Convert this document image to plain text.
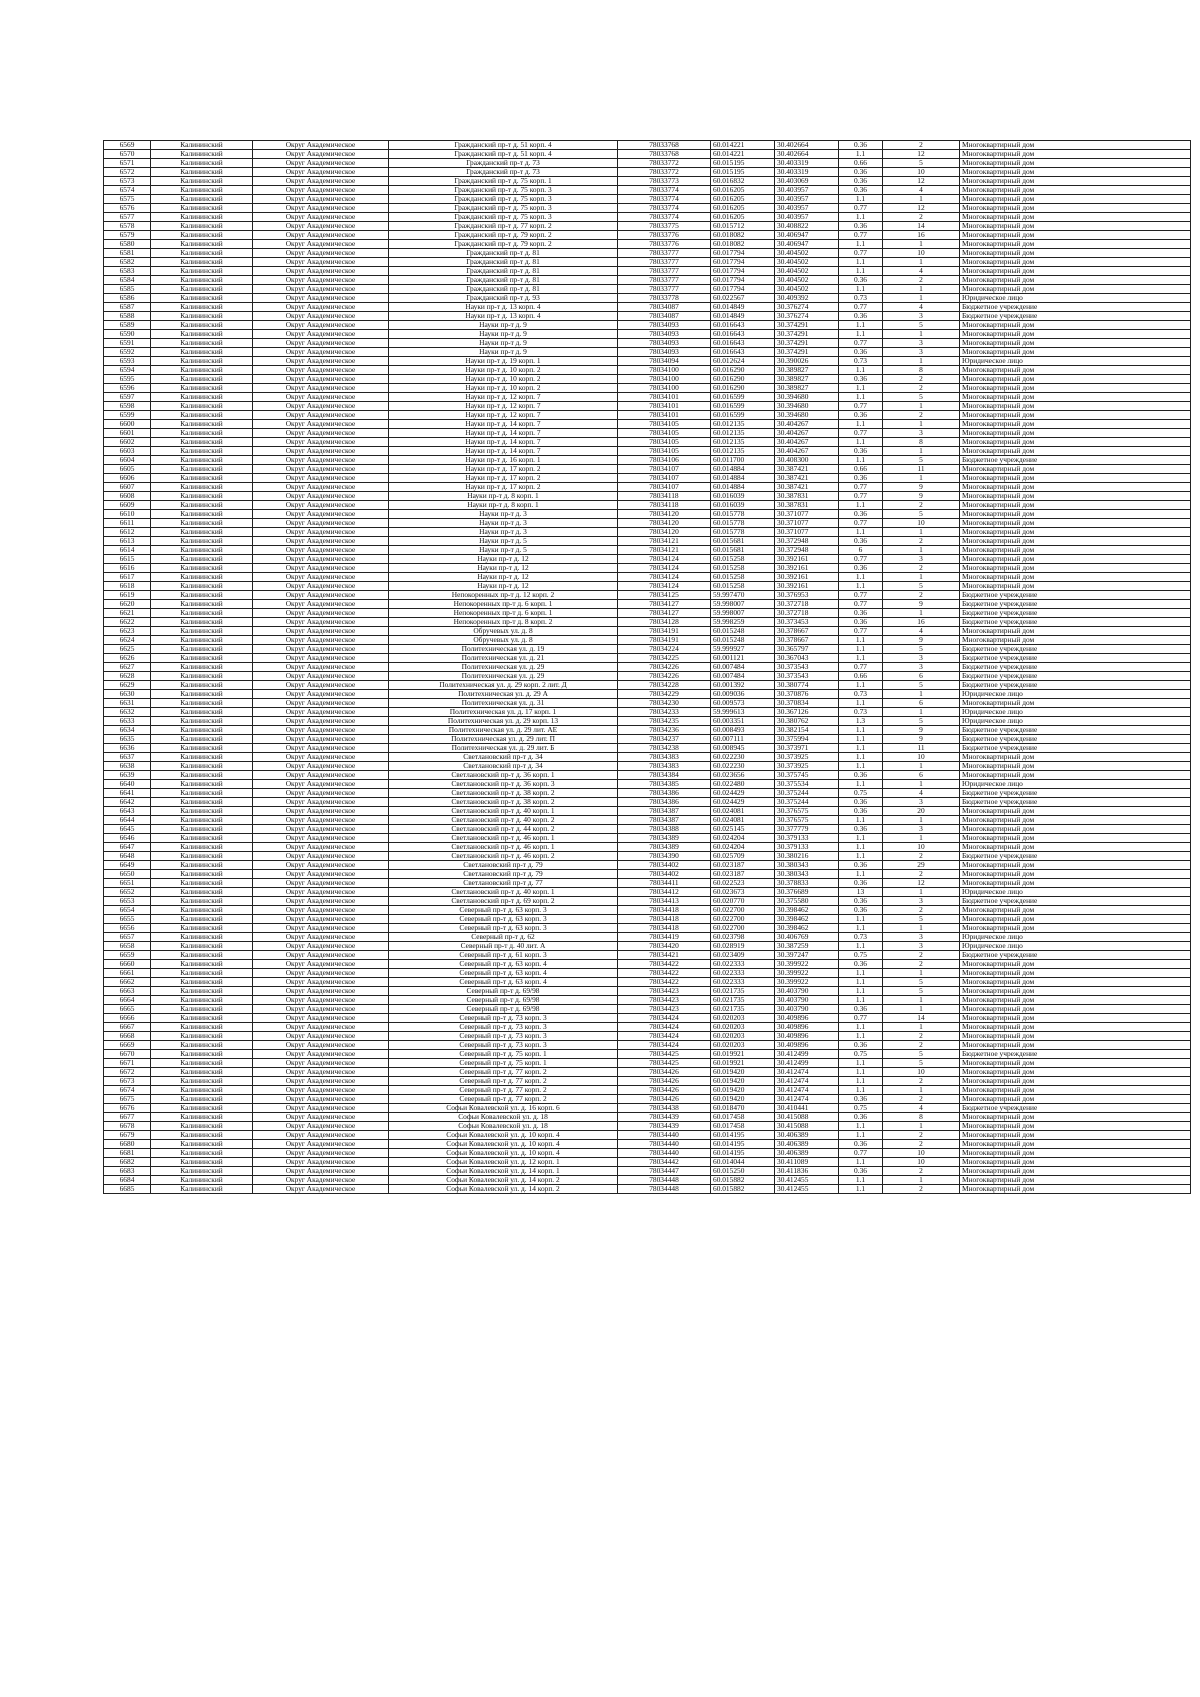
6569	Калининский	Округ Академическое	Гражданский пр-т д. 51 корп. 4	78033768	60.014221	30.402664	0.36	2	Многоквартирный дом
6570	Калининский	Округ Академическое	Гражданский пр-т д. 51 корп. 4	78033768	60.014221	30.402664	1.1	12	Многоквартирный дом
6571	Калининский	Округ Академическое	Гражданский пр-т д. 73	78033772	60.015195	30.403319	0.66	5	Многоквартирный дом
6572	Калининский	Округ Академическое	Гражданский пр-т д. 73	78033772	60.015195	30.403319	0.36	10	Многоквартирный дом
6573	Калининский	Округ Академическое	Гражданский пр-т д. 75 корп. 1	78033773	60.016832	30.403069	0.36	12	Многоквартирный дом
6574	Калининский	Округ Академическое	Гражданский пр-т д. 75 корп. 3	78033774	60.016205	30.403957	0.36	4	Многоквартирный дом
6575	Калининский	Округ Академическое	Гражданский пр-т д. 75 корп. 3	78033774	60.016205	30.403957	1.1	1	Многоквартирный дом
6576	Калининский	Округ Академическое	Гражданский пр-т д. 75 корп. 3	78033774	60.016205	30.403957	0.77	12	Многоквартирный дом
6577	Калининский	Округ Академическое	Гражданский пр-т д. 75 корп. 3	78033774	60.016205	30.403957	1.1	2	Многоквартирный дом
6578	Калининский	Округ Академическое	Гражданский пр-т д. 77 корп. 2	78033775	60.015712	30.408822	0.36	14	Многоквартирный дом
6579	Калининский	Округ Академическое	Гражданский пр-т д. 79 корп. 2	78033776	60.018082	30.406947	0.77	16	Многоквартирный дом
6580	Калининский	Округ Академическое	Гражданский пр-т д. 79 корп. 2	78033776	60.018082	30.406947	1.1	1	Многоквартирный дом
6581	Калининский	Округ Академическое	Гражданский пр-т д. 81	78033777	60.017794	30.404502	0.77	10	Многоквартирный дом
6582	Калининский	Округ Академическое	Гражданский пр-т д. 81	78033777	60.017794	30.404502	1.1	1	Многоквартирный дом
6583	Калининский	Округ Академическое	Гражданский пр-т д. 81	78033777	60.017794	30.404502	1.1	4	Многоквартирный дом
6584	Калининский	Округ Академическое	Гражданский пр-т д. 81	78033777	60.017794	30.404502	0.36	2	Многоквартирный дом
6585	Калининский	Округ Академическое	Гражданский пр-т д. 81	78033777	60.017794	30.404502	1.1	1	Многоквартирный дом
6586	Калининский	Округ Академическое	Гражданский пр-т д. 93	78033778	60.022567	30.409392	0.73	1	Юридическое лицо
6587	Калининский	Округ Академическое	Науки пр-т д. 13 корп. 4	78034087	60.014849	30.376274	0.77	4	Бюджетное учреждение
6588	Калининский	Округ Академическое	Науки пр-т д. 13 корп. 4	78034087	60.014849	30.376274	0.36	3	Бюджетное учреждение
6589	Калининский	Округ Академическое	Науки пр-т д. 9	78034093	60.016643	30.374291	1.1	5	Многоквартирный дом
6590	Калининский	Округ Академическое	Науки пр-т д. 9	78034093	60.016643	30.374291	1.1	1	Многоквартирный дом
6591	Калининский	Округ Академическое	Науки пр-т д. 9	78034093	60.016643	30.374291	0.77	3	Многоквартирный дом
6592	Калининский	Округ Академическое	Науки пр-т д. 9	78034093	60.016643	30.374291	0.36	3	Многоквартирный дом
6593	Калининский	Округ Академическое	Науки пр-т д. 19 корп. 1	78034094	60.012624	30.390026	0.73	1	Юридическое лицо
6594	Калининский	Округ Академическое	Науки пр-т д. 10 корп. 2	78034100	60.016290	30.389827	1.1	8	Многоквартирный дом
6595	Калининский	Округ Академическое	Науки пр-т д. 10 корп. 2	78034100	60.016290	30.389827	0.36	2	Многоквартирный дом
6596	Калининский	Округ Академическое	Науки пр-т д. 10 корп. 2	78034100	60.016290	30.389827	1.1	2	Многоквартирный дом
6597	Калининский	Округ Академическое	Науки пр-т д. 12 корп. 7	78034101	60.016599	30.394680	1.1	5	Многоквартирный дом
6598	Калининский	Округ Академическое	Науки пр-т д. 12 корп. 7	78034101	60.016599	30.394680	0.77	1	Многоквартирный дом
6599	Калининский	Округ Академическое	Науки пр-т д. 12 корп. 7	78034101	60.016599	30.394680	0.36	2	Многоквартирный дом
6600	Калининский	Округ Академическое	Науки пр-т д. 14 корп. 7	78034105	60.012135	30.404267	1.1	1	Многоквартирный дом
6601	Калининский	Округ Академическое	Науки пр-т д. 14 корп. 7	78034105	60.012135	30.404267	0.77	3	Многоквартирный дом
6602	Калининский	Округ Академическое	Науки пр-т д. 14 корп. 7	78034105	60.012135	30.404267	1.1	8	Многоквартирный дом
6603	Калининский	Округ Академическое	Науки пр-т д. 14 корп. 7	78034105	60.012135	30.404267	0.36	1	Многоквартирный дом
6604	Калининский	Округ Академическое	Науки пр-т д. 16 корп. 1	78034106	60.011700	30.408300	1.1	5	Бюджетное учреждение
6605	Калининский	Округ Академическое	Науки пр-т д. 17 корп. 2	78034107	60.014884	30.387421	0.66	11	Многоквартирный дом
6606	Калининский	Округ Академическое	Науки пр-т д. 17 корп. 2	78034107	60.014884	30.387421	0.36	1	Многоквартирный дом
6607	Калининский	Округ Академическое	Науки пр-т д. 17 корп. 2	78034107	60.014884	30.387421	0.77	9	Многоквартирный дом
6608	Калининский	Округ Академическое	Науки пр-т д. 8 корп. 1	78034118	60.016039	30.387831	0.77	9	Многоквартирный дом
6609	Калининский	Округ Академическое	Науки пр-т д. 8 корп. 1	78034118	60.016039	30.387831	1.1	2	Многоквартирный дом
6610	Калининский	Округ Академическое	Науки пр-т д. 3	78034120	60.015778	30.371077	0.36	5	Многоквартирный дом
6611	Калининский	Округ Академическое	Науки пр-т д. 3	78034120	60.015778	30.371077	0.77	10	Многоквартирный дом
6612	Калининский	Округ Академическое	Науки пр-т д. 3	78034120	60.015778	30.371077	1.1	1	Многоквартирный дом
6613	Калининский	Округ Академическое	Науки пр-т д. 5	78034121	60.015681	30.372948	0.36	2	Многоквартирный дом
6614	Калининский	Округ Академическое	Науки пр-т д. 5	78034121	60.015681	30.372948	6	1	Многоквартирный дом
6615	Калининский	Округ Академическое	Науки пр-т д. 12	78034124	60.015258	30.392161	0.77	3	Многоквартирный дом
6616	Калининский	Округ Академическое	Науки пр-т д. 12	78034124	60.015258	30.392161	0.36	2	Многоквартирный дом
6617	Калининский	Округ Академическое	Науки пр-т д. 12	78034124	60.015258	30.392161	1.1	1	Многоквартирный дом
6618	Калининский	Округ Академическое	Науки пр-т д. 12	78034124	60.015258	30.392161	1.1	5	Многоквартирный дом
6619	Калининский	Округ Академическое	Непокоренных пр-т д. 12 корп. 2	78034125	59.997470	30.376953	0.77	2	Бюджетное учреждение
6620	Калининский	Округ Академическое	Непокоренных пр-т д. 6 корп. 1	78034127	59.998007	30.372718	0.77	9	Бюджетное учреждение
6621	Калининский	Округ Академическое	Непокоренных пр-т д. 6 корп. 1	78034127	59.998007	30.372718	0.36	1	Бюджетное учреждение
6622	Калининский	Округ Академическое	Непокоренных пр-т д. 8 корп. 2	78034128	59.998259	30.373453	0.36	16	Бюджетное учреждение
6623	Калининский	Округ Академическое	Обручевых ул. д. 8	78034191	60.015248	30.378667	0.77	4	Многоквартирный дом
6624	Калининский	Округ Академическое	Обручевых ул. д. 8	78034191	60.015248	30.378667	1.1	9	Многоквартирный дом
6625	Калининский	Округ Академическое	Политехническая ул. д. 19	78034224	59.999927	30.365797	1.1	5	Бюджетное учреждение
6626	Калининский	Округ Академическое	Политехническая ул. д. 21	78034225	60.001121	30.367043	1.1	3	Бюджетное учреждение
6627	Калининский	Округ Академическое	Политехническая ул. д. 29	78034226	60.007484	30.373543	0.77	3	Бюджетное учреждение
6628	Калининский	Округ Академическое	Политехническая ул. д. 29	78034226	60.007484	30.373543	0.66	6	Бюджетное учреждение
6629	Калининский	Округ Академическое	Политехническая ул. д. 29 корп. 2 лит. Д	78034228	60.001392	30.380774	1.1	5	Бюджетное учреждение
6630	Калининский	Округ Академическое	Политехническая ул. д. 29 А	78034229	60.009036	30.370876	0.73	1	Юридическое лицо
6631	Калининский	Округ Академическое	Политехническая ул. д. 31	78034230	60.009573	30.370834	1.1	6	Многоквартирный дом
6632	Калининский	Округ Академическое	Политехническая ул. д. 17 корп. 1	78034233	59.999613	30.367126	0.73	1	Юридическое лицо
6633	Калининский	Округ Академическое	Политехническая ул. д. 29 корп. 13	78034235	60.003351	30.380762	1.3	5	Юридическое лицо
6634	Калининский	Округ Академическое	Политехническая ул. д. 29 лит. АЕ	78034236	60.008493	30.382154	1.1	9	Бюджетное учреждение
6635	Калининский	Округ Академическое	Политехническая ул. д. 29 лит. П	78034237	60.007111	30.375994	1.1	9	Бюджетное учреждение
6636	Калининский	Округ Академическое	Политехническая ул. д. 29 лит. Б	78034238	60.008945	30.373971	1.1	11	Бюджетное учреждение
6637	Калининский	Округ Академическое	Светлановский пр-т д. 34	78034383	60.022230	30.373925	1.1	10	Многоквартирный дом
6638	Калининский	Округ Академическое	Светлановский пр-т д. 34	78034383	60.022230	30.373925	1.1	1	Многоквартирный дом
6639	Калининский	Округ Академическое	Светлановский пр-т д. 36 корп. 1	78034384	60.023656	30.375745	0.36	6	Многоквартирный дом
6640	Калининский	Округ Академическое	Светлановский пр-т д. 36 корп. 3	78034385	60.022480	30.375534	1.1	1	Юридическое лицо
6641	Калининский	Округ Академическое	Светлановский пр-т д. 38 корп. 2	78034386	60.024429	30.375244	0.75	4	Бюджетное учреждение
6642	Калининский	Округ Академическое	Светлановский пр-т д. 38 корп. 2	78034386	60.024429	30.375244	0.36	3	Бюджетное учреждение
6643	Калининский	Округ Академическое	Светлановский пр-т д. 40 корп. 1	78034387	60.024081	30.376575	0.36	20	Многоквартирный дом
6644	Калининский	Округ Академическое	Светлановский пр-т д. 40 корп. 2	78034387	60.024081	30.376575	1.1	1	Многоквартирный дом
6645	Калининский	Округ Академическое	Светлановский пр-т д. 44 корп. 2	78034388	60.025145	30.377779	0.36	3	Многоквартирный дом
6646	Калининский	Округ Академическое	Светлановский пр-т д. 46 корп. 1	78034389	60.024204	30.379133	1.1	1	Многоквартирный дом
6647	Калининский	Округ Академическое	Светлановский пр-т д. 46 корп. 1	78034389	60.024204	30.379133	1.1	10	Многоквартирный дом
6648	Калининский	Округ Академическое	Светлановский пр-т д. 46 корп. 2	78034390	60.025709	30.380216	1.1	2	Бюджетное учреждение
6649	Калининский	Округ Академическое	Светлановский пр-т д. 79	78034402	60.023187	30.380343	0.36	29	Многоквартирный дом
6650	Калининский	Округ Академическое	Светлановский пр-т д. 79	78034402	60.023187	30.380343	1.1	2	Многоквартирный дом
6651	Калининский	Округ Академическое	Светлановский пр-т д. 77	78034411	60.022523	30.378833	0.36	12	Многоквартирный дом
6652	Калининский	Округ Академическое	Светлановский пр-т д. 40 корп. 1	78034412	60.023673	30.376689	13	1	Юридическое лицо
6653	Калининский	Округ Академическое	Светлановский пр-т д. 69 корп. 2	78034413	60.020770	30.375580	0.36	3	Бюджетное учреждение
6654	Калининский	Округ Академическое	Северный пр-т д. 63 корп. 3	78034418	60.022700	30.398462	0.36	2	Многоквартирный дом
6655	Калининский	Округ Академическое	Северный пр-т д. 63 корп. 3	78034418	60.022700	30.398462	1.1	5	Многоквартирный дом
6656	Калининский	Округ Академическое	Северный пр-т д. 63 корп. 3	78034418	60.022700	30.398462	1.1	1	Многоквартирный дом
6657	Калининский	Округ Академическое	Северный пр-т д. 62	78034419	60.023798	30.406769	0.73	3	Юридическое лицо
6658	Калининский	Округ Академическое	Северный пр-т д. 40 лит. А	78034420	60.028919	30.387259	1.1	3	Юридическое лицо
6659	Калининский	Округ Академическое	Северный пр-т д. 61 корп. 3	78034421	60.023409	30.397247	0.75	2	Бюджетное учреждение
6660	Калининский	Округ Академическое	Северный пр-т д. 63 корп. 4	78034422	60.022333	30.399922	0.36	2	Многоквартирный дом
6661	Калининский	Округ Академическое	Северный пр-т д. 63 корп. 4	78034422	60.022333	30.399922	1.1	1	Многоквартирный дом
6662	Калининский	Округ Академическое	Северный пр-т д. 63 корп. 4	78034422	60.022333	30.399922	1.1	5	Многоквартирный дом
6663	Калининский	Округ Академическое	Северный пр-т д. 69/98	78034423	60.021735	30.403790	1.1	5	Многоквартирный дом
6664	Калининский	Округ Академическое	Северный пр-т д. 69/98	78034423	60.021735	30.403790	1.1	1	Многоквартирный дом
6665	Калининский	Округ Академическое	Северный пр-т д. 69/98	78034423	60.021735	30.403790	0.36	1	Многоквартирный дом
6666	Калининский	Округ Академическое	Северный пр-т д. 73 корп. 3	78034424	60.020203	30.409896	0.77	14	Многоквартирный дом
6667	Калининский	Округ Академическое	Северный пр-т д. 73 корп. 3	78034424	60.020203	30.409896	1.1	1	Многоквартирный дом
6668	Калининский	Округ Академическое	Северный пр-т д. 73 корп. 3	78034424	60.020203	30.409896	1.1	2	Многоквартирный дом
6669	Калининский	Округ Академическое	Северный пр-т д. 73 корп. 3	78034424	60.020203	30.409896	0.36	2	Многоквартирный дом
6670	Калининский	Округ Академическое	Северный пр-т д. 75 корп. 1	78034425	60.019921	30.412499	0.75	5	Бюджетное учреждение
6671	Калининский	Округ Академическое	Северный пр-т д. 75 корп. 1	78034425	60.019921	30.412499	1.1	5	Многоквартирный дом
6672	Калининский	Округ Академическое	Северный пр-т д. 77 корп. 2	78034426	60.019420	30.412474	1.1	10	Многоквартирный дом
6673	Калининский	Округ Академическое	Северный пр-т д. 77 корп. 2	78034426	60.019420	30.412474	1.1	2	Многоквартирный дом
6674	Калининский	Округ Академическое	Северный пр-т д. 77 корп. 2	78034426	60.019420	30.412474	1.1	1	Многоквартирный дом
6675	Калининский	Округ Академическое	Северный пр-т д. 77 корп. 2	78034426	60.019420	30.412474	0.36	2	Многоквартирный дом
6676	Калининский	Округ Академическое	Софьи Ковалевской ул. д. 16 корп. 6	78034438	60.018470	30.410441	0.75	4	Бюджетное учреждение
6677	Калининский	Округ Академическое	Софьи Ковалевской ул. д. 18	78034439	60.017458	30.415088	0.36	8	Многоквартирный дом
6678	Калининский	Округ Академическое	Софьи Ковалевской ул. д. 18	78034439	60.017458	30.415088	1.1	1	Многоквартирный дом
6679	Калининский	Округ Академическое	Софьи Ковалевской ул. д. 10 корп. 4	78034440	60.014195	30.406389	1.1	2	Многоквартирный дом
6680	Калининский	Округ Академическое	Софьи Ковалевской ул. д. 10 корп. 4	78034440	60.014195	30.406389	0.36	2	Многоквартирный дом
6681	Калининский	Округ Академическое	Софьи Ковалевской ул. д. 10 корп. 4	78034440	60.014195	30.406389	0.77	10	Многоквартирный дом
6682	Калининский	Округ Академическое	Софьи Ковалевской ул. д. 12 корп. 1	78034442	60.014044	30.411089	1.1	10	Многоквартирный дом
6683	Калининский	Округ Академическое	Софьи Ковалевской ул. д. 14 корп. 1	78034447	60.015250	30.411836	0.36	2	Многоквартирный дом
6684	Калининский	Округ Академическое	Софьи Ковалевской ул. д. 14 корп. 2	78034448	60.015882	30.412455	1.1	1	Многоквартирный дом
6685	Калининский	Округ Академическое	Софьи Ковалевской ул. д. 14 корп. 2	78034448	60.015882	30.412455	1.1	2	Многоквартирный дом
